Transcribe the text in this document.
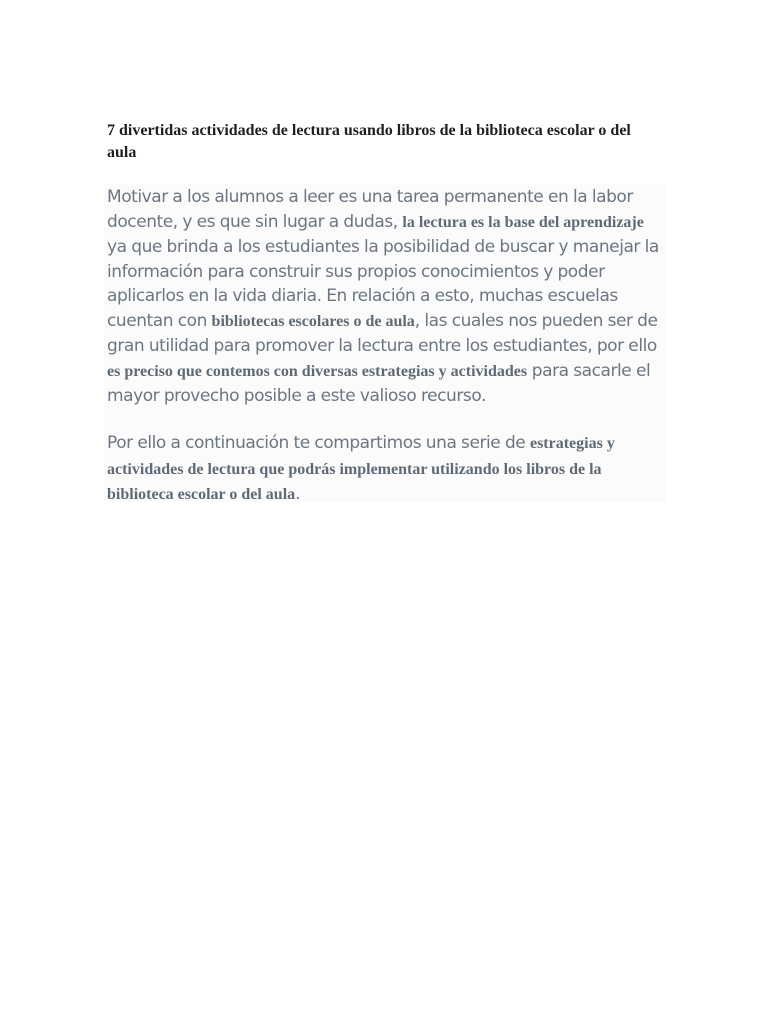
7 divertidas actividades de lectura usando libros de la biblioteca escolar o del aula

Motivar a los alumnos a leer es una tarea permanente en la labor docente, y es que sin lugar a dudas, la lectura es la base del aprendizaje ya que brinda a los estudiantes la posibilidad de buscar y manejar la información para construir sus propios conocimientos y poder aplicarlos en la vida diaria. En relación a esto, muchas escuelas cuentan con bibliotecas escolares o de aula, las cuales nos pueden ser de gran utilidad para promover la lectura entre los estudiantes, por ello es preciso que contemos con diversas estrategias y actividades para sacarle el mayor provecho posible a este valioso recurso.

Por ello a continuación te compartimos una serie de estrategias y actividades de lectura que podrás implementar utilizando los libros de la biblioteca escolar o del aula.
